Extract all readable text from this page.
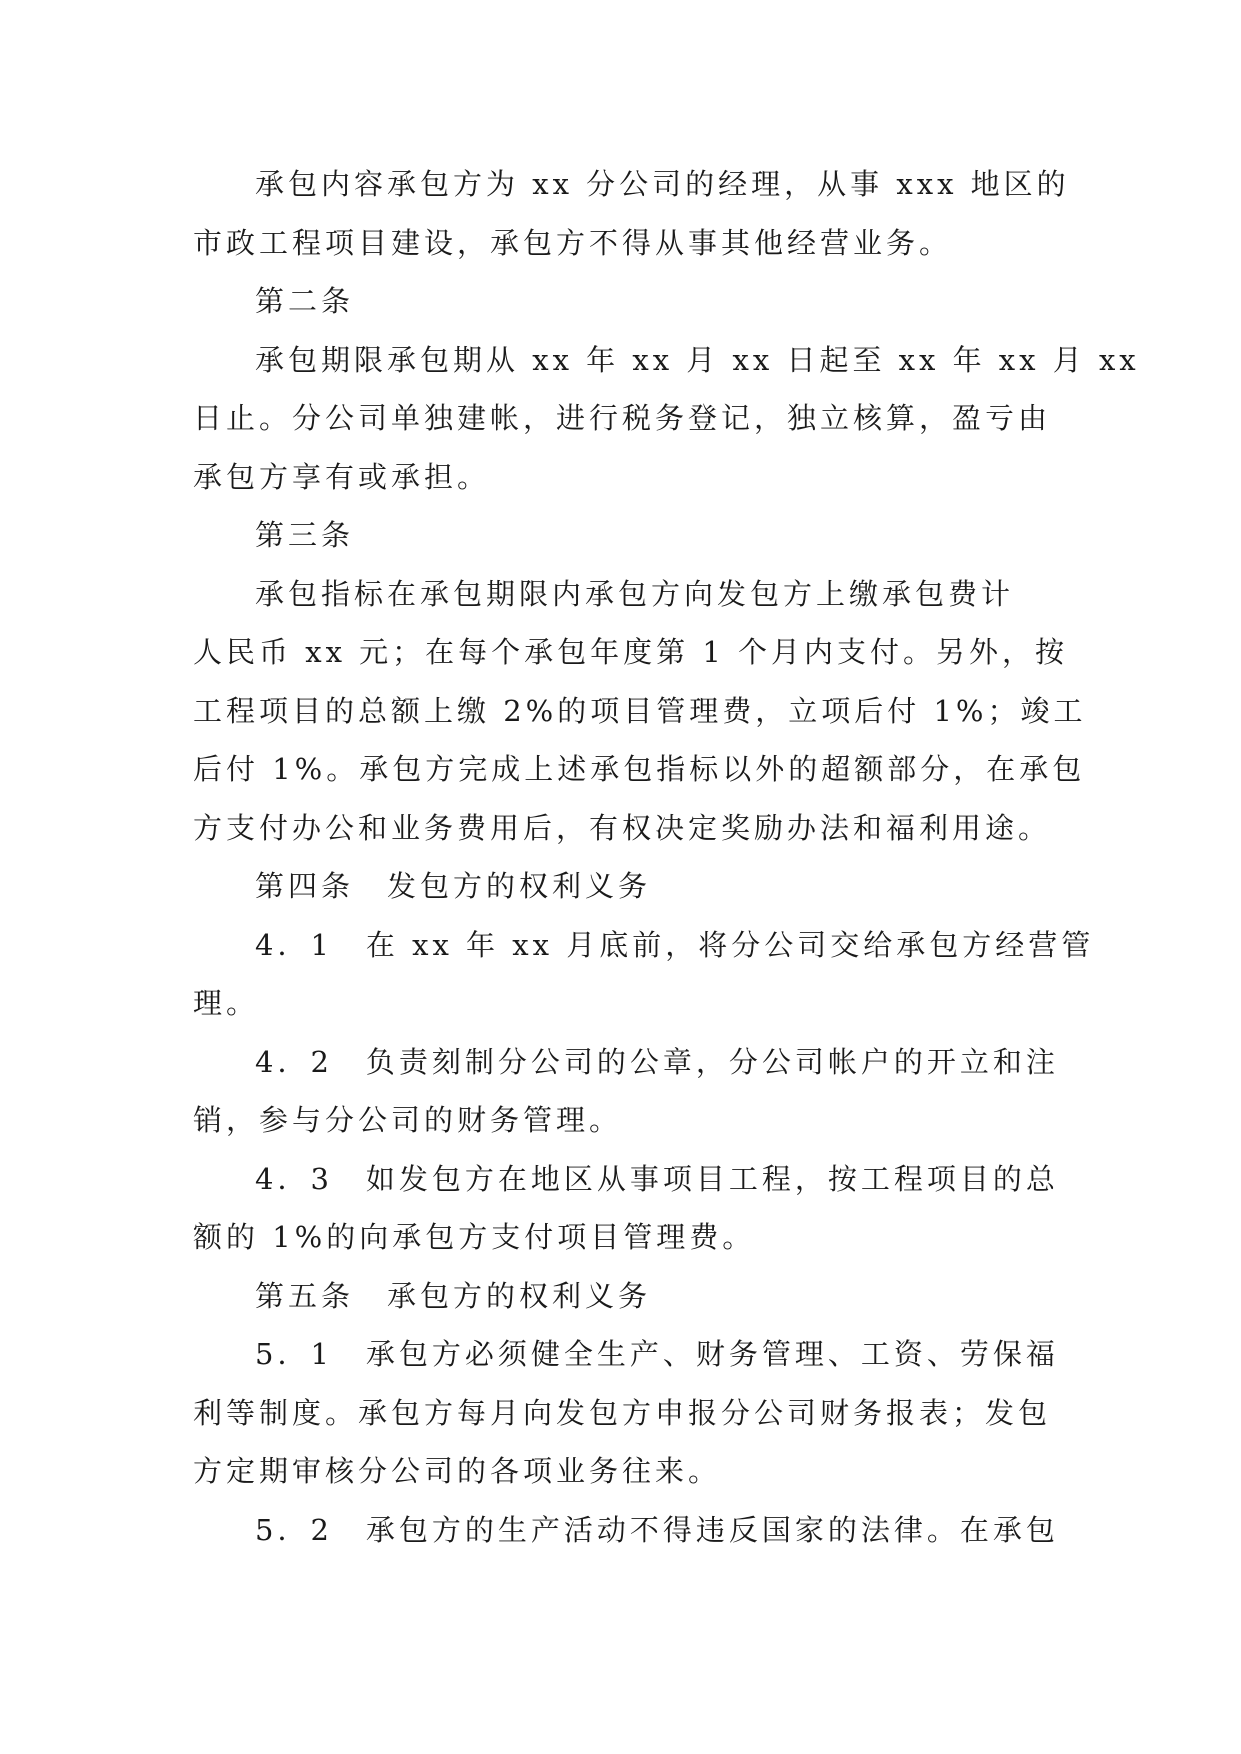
承包内容承包方为 xx 分公司的经理，从事 xxx 地区的
市政工程项目建设，承包方不得从事其他经营业务。
第二条
承包期限承包期从 xx 年 xx 月 xx 日起至 xx 年 xx 月 xx
日止。分公司单独建帐，进行税务登记，独立核算，盈亏由
承包方享有或承担。
第三条
承包指标在承包期限内承包方向发包方上缴承包费计
人民币 xx 元；在每个承包年度第 1 个月内支付。另外，按
工程项目的总额上缴 2%的项目管理费，立项后付 1%；竣工
后付 1%。承包方完成上述承包指标以外的超额部分，在承包
方支付办公和业务费用后，有权决定奖励办法和福利用途。
第四条　发包方的权利义务
4．1　在 xx 年 xx 月底前，将分公司交给承包方经营管
理。
4．2　负责刻制分公司的公章，分公司帐户的开立和注
销，参与分公司的财务管理。
4．3　如发包方在地区从事项目工程，按工程项目的总
额的 1%的向承包方支付项目管理费。
第五条　承包方的权利义务
5．1　承包方必须健全生产、财务管理、工资、劳保福
利等制度。承包方每月向发包方申报分公司财务报表；发包
方定期审核分公司的各项业务往来。
5．2　承包方的生产活动不得违反国家的法律。在承包
